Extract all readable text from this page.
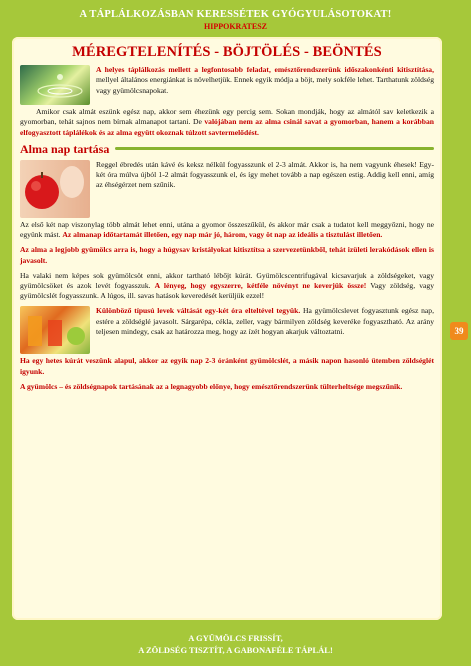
A TÁPLÁLKOZÁSBAN KERESSÉTEK GYÓGYULÁSOTOKAT!
HIPPOKRATESZ
MÉREGTELENÍTÉS - BÖJTÖLÉS - BEÖNTÉS

A helyes táplálkozás mellett a legfontosabb feladat, emésztőrendszerünk időszakonkénti kitisztítása, mellyel általános energiánkat is növelhetjük. Ennek egyik módja a böjt, mely sokféle lehet. Tarthatunk zöldség vagy gyümölcsnapokat.

Amikor csak almát eszünk egész nap, akkor sem éhezünk egy percig sem. Sokan mondják, hogy az almától sav keletkezik a gyomorban, tehát sajnos nem bírnak almanapot tartani. De valójában nem az alma csinál savat a gyomorban, hanem a korábban elfogyasztott táplálékok és az alma együtt okoznak túlzott savtermelődést.

Alma nap tartása

Reggel ébredés után kávé és keksz nélkül fogyasszunk el 2-3 almát. Akkor is, ha nem vagyunk éhesek! Egy-két óra múlva újból 1-2 almát fogyasszunk el, és így mehet tovább a nap egészen estig. Addig kell enni, amíg az éhségérzet nem szűnik.

Az első két nap viszonylag több almát lehet enni, utána a gyomor összeszűkül, és akkor már csak a tudatot kell meggyőzni, hogy ne együnk mást. Az almanap időtartamát illetően, egy nap már jó, három, vagy öt nap az ideális a tisztulást illetően.

Az alma a legjobb gyümölcs arra is, hogy a húgysav kristályokat kitisztítsa a szervezetünkből, tehát izületi lerakódások ellen is javasolt.

Ha valaki nem képes sok gyümölcsöt enni, akkor tartható lébőjt kúrát. Gyümölcscentrifugával kicsavarjuk a zöldségeket, vagy gyümölcsöket és azok levét fogyasszuk. A lényeg, hogy egyszerre, kétféle növényt ne keverjük össze! Vagy zöldség, vagy gyümölcslét fogyasszunk. A lúgos, ill. savas hatások keveredését kerüljük ezzel!

Különböző típusú levek váltását egy-két óra elteltével tegyük. Ha gyümölcslevet fogyasztunk egész nap, estére a zöldséglé javasolt. Sárgarépa, cékla, zeller, vagy bármilyen zöldség keveréke fogyasztható. Az arány teljesen mindegy, csak az határozza meg, hogy az ízét hogyan akarjuk változtatni.

Ha egy hetes kúrát veszünk alapul, akkor az egyik nap 2-3 óránként gyümölcslét, a másik napon hasonló ütemben zöldséglét igyunk.

A gyümölcs – és zöldségnapok tartásának az a legnagyobb előnye, hogy emésztőrendszerünk tülterheltsége megszűnik.

39
A GYÜMÖLCS FRISSÍT,
A ZÖLDSÉG TISZTÍT, A GABONAFÉLE TÁPLÁL!
